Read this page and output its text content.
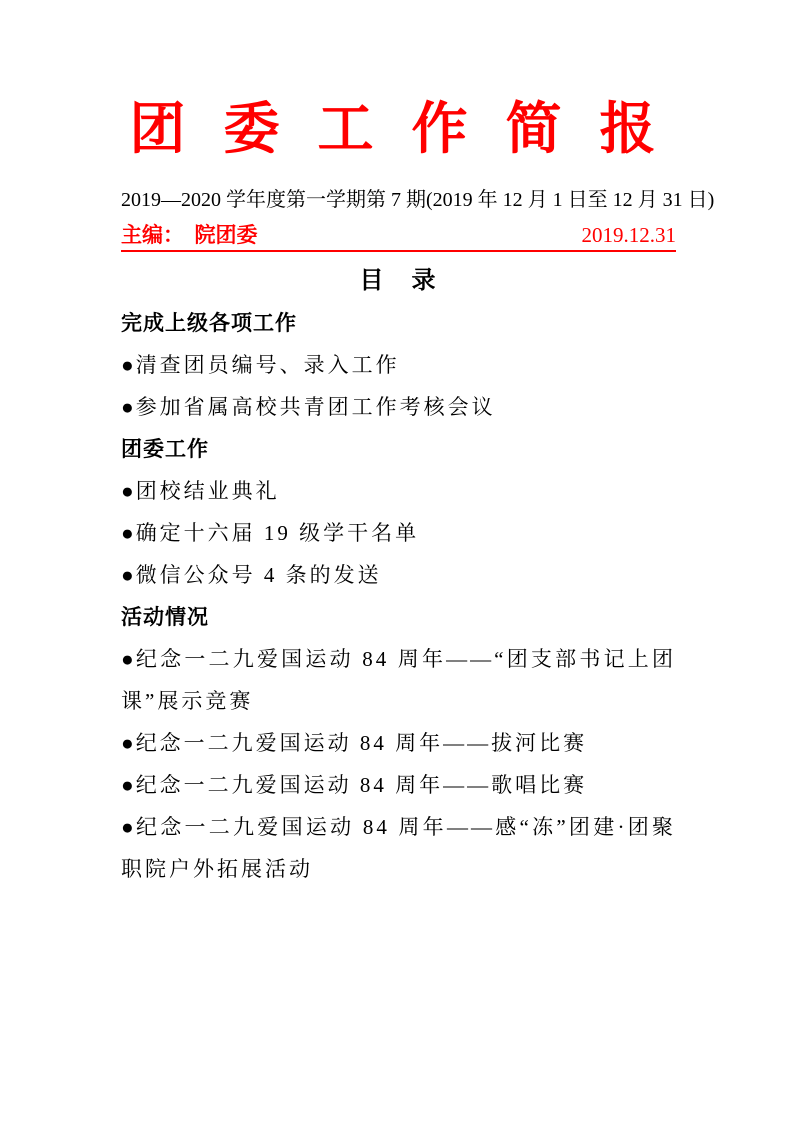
团 委 工 作 简 报

2019—2020 学年度第一学期第 7 期(2019 年 12 月 1 日至 12 月 31 日)

主编：　院团委	2019.12.31
目　录
完成上级各项工作
●清查团员编号、录入工作
●参加省属高校共青团工作考核会议
团委工作
●团校结业典礼
●确定十六届 19 级学干名单
●微信公众号 4 条的发送
活动情况
●纪念一二九爱国运动 84 周年——“团支部书记上团课”展示竞赛
●纪念一二九爱国运动 84 周年——拔河比赛
●纪念一二九爱国运动 84 周年——歌唱比赛
●纪念一二九爱国运动 84 周年——感“冻”团建·团聚职院户外拓展活动
